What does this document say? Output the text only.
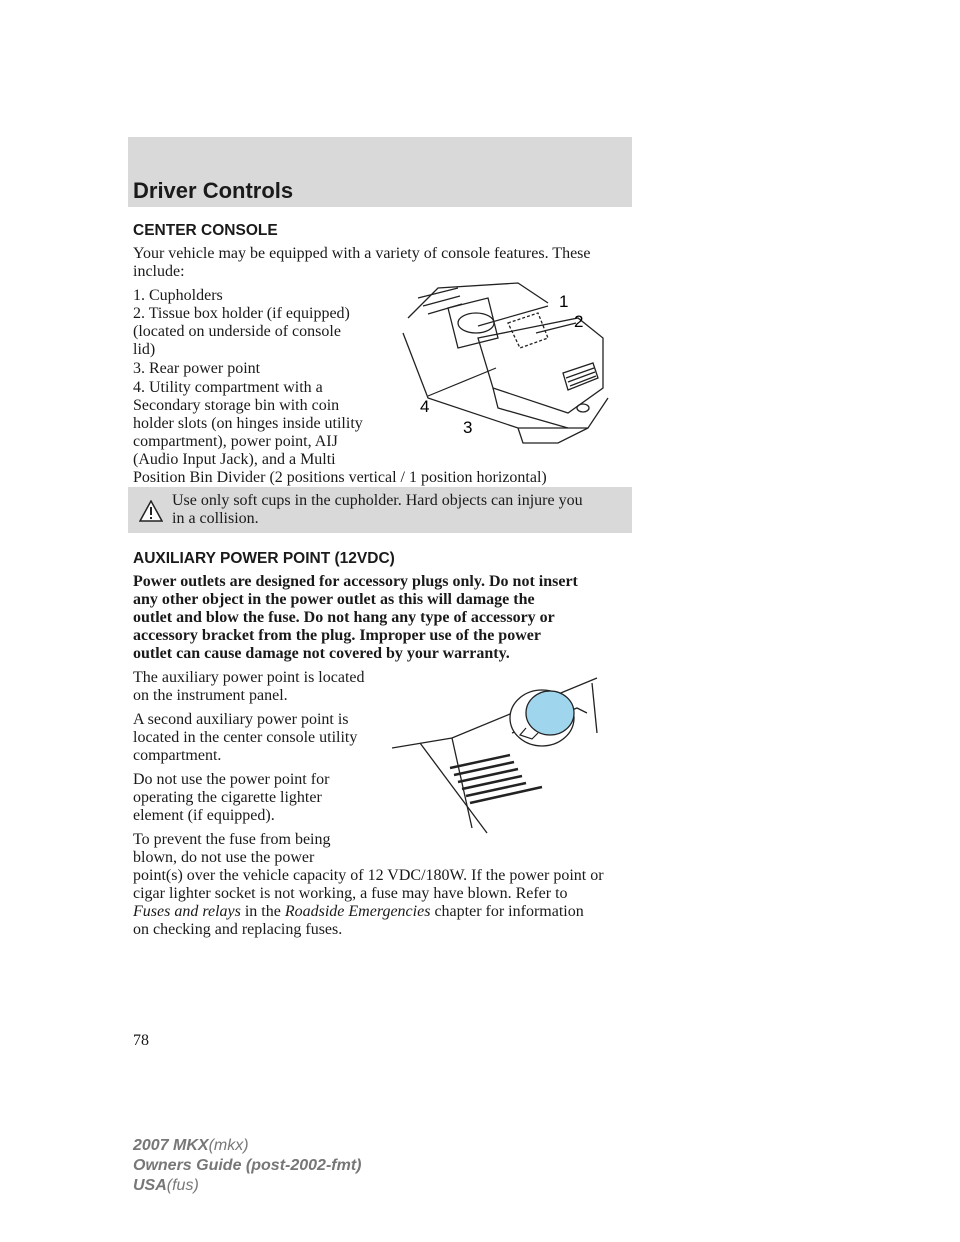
Driver Controls
CENTER CONSOLE
Your vehicle may be equipped with a variety of console features. These
include:
1. Cupholders
2. Tissue box holder (if equipped)
(located on underside of console
lid)
3. Rear power point
4. Utility compartment with a
Secondary storage bin with coin
holder slots (on hinges inside utility
compartment), power point, AIJ
(Audio Input Jack), and a Multi
1
2
4
3
Use only soft cups in the cupholder. Hard objects can injure you
in a collision.
AUXILIARY POWER POINT (12VDC)
Power outlets are designed for accessory plugs only. Do not insert
any other object in the power outlet as this will damage the
outlet and blow the fuse. Do not hang any type of accessory or
accessory bracket from the plug. Improper use of the power
outlet can cause damage not covered by your warranty.
The auxiliary power point is located
on the instrument panel.
A second auxiliary power point is
located in the center console utility
compartment.
Do not use the power point for
operating the cigarette lighter
element (if equipped).
To prevent the fuse from being
blown, do not use the power
point(s) over the vehicle capacity of 12 VDC/180W. If the power point or
cigar lighter socket is not working, a fuse may have blown. Refer to
Fuses and relays in the Roadside Emergencies chapter for information
on checking and replacing fuses.
78
2007 MKX(mkx)
Owners Guide (post-2002-fmt)
USA(fus)
Position Bin Divider (2 positions vertical / 1 position horizontal)
